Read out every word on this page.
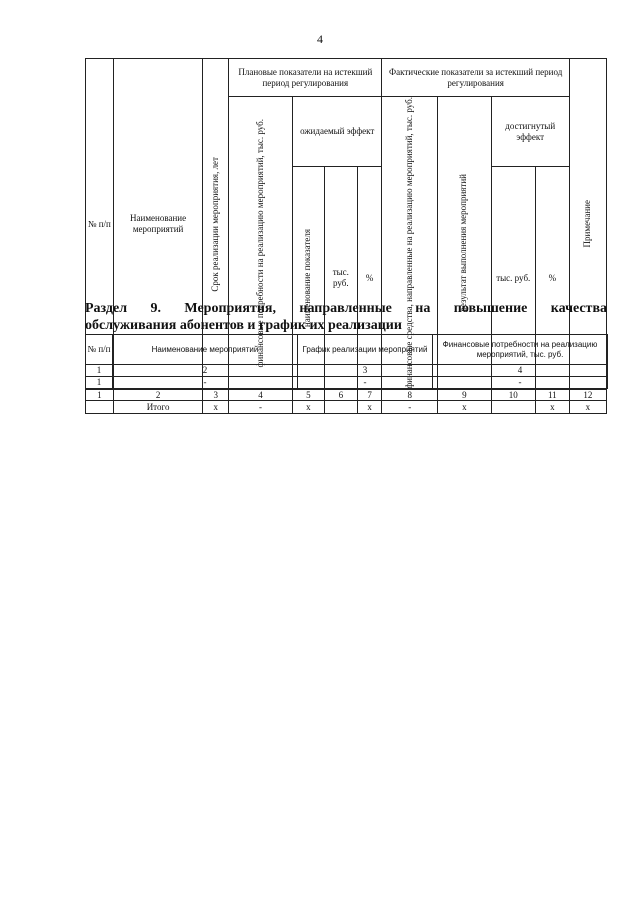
4
№ п/п	Наименование мероприятий	Срок реализации мероприятия, лет	Плановые показатели на истекший период регулирования				Фактические показатели за истекший период регулирования				Примечание

			финансовые потребности на реализацию мероприятий, тыс. руб.	ожидаемый эффект			финансовые средства, направленные на реализацию мероприятий, тыс. руб.	результат выполнения мероприятий	достигнутый эффект		

				наименование показателя	тыс. руб.	%			тыс. руб.	%	

1	2	3	4	5	6	7	8	9	10	11	12
	Итого	х	-	х		х	-	х		х	х
Раздел 9. Мероприятия, направленные на повышение качества
обслуживания абонентов и график их реализации
№ п/п	Наименование мероприятий	График реализации мероприятий	Финансовые потребности на реализацию мероприятий, тыс. руб.
1	2	3	4
1	-	-	-
